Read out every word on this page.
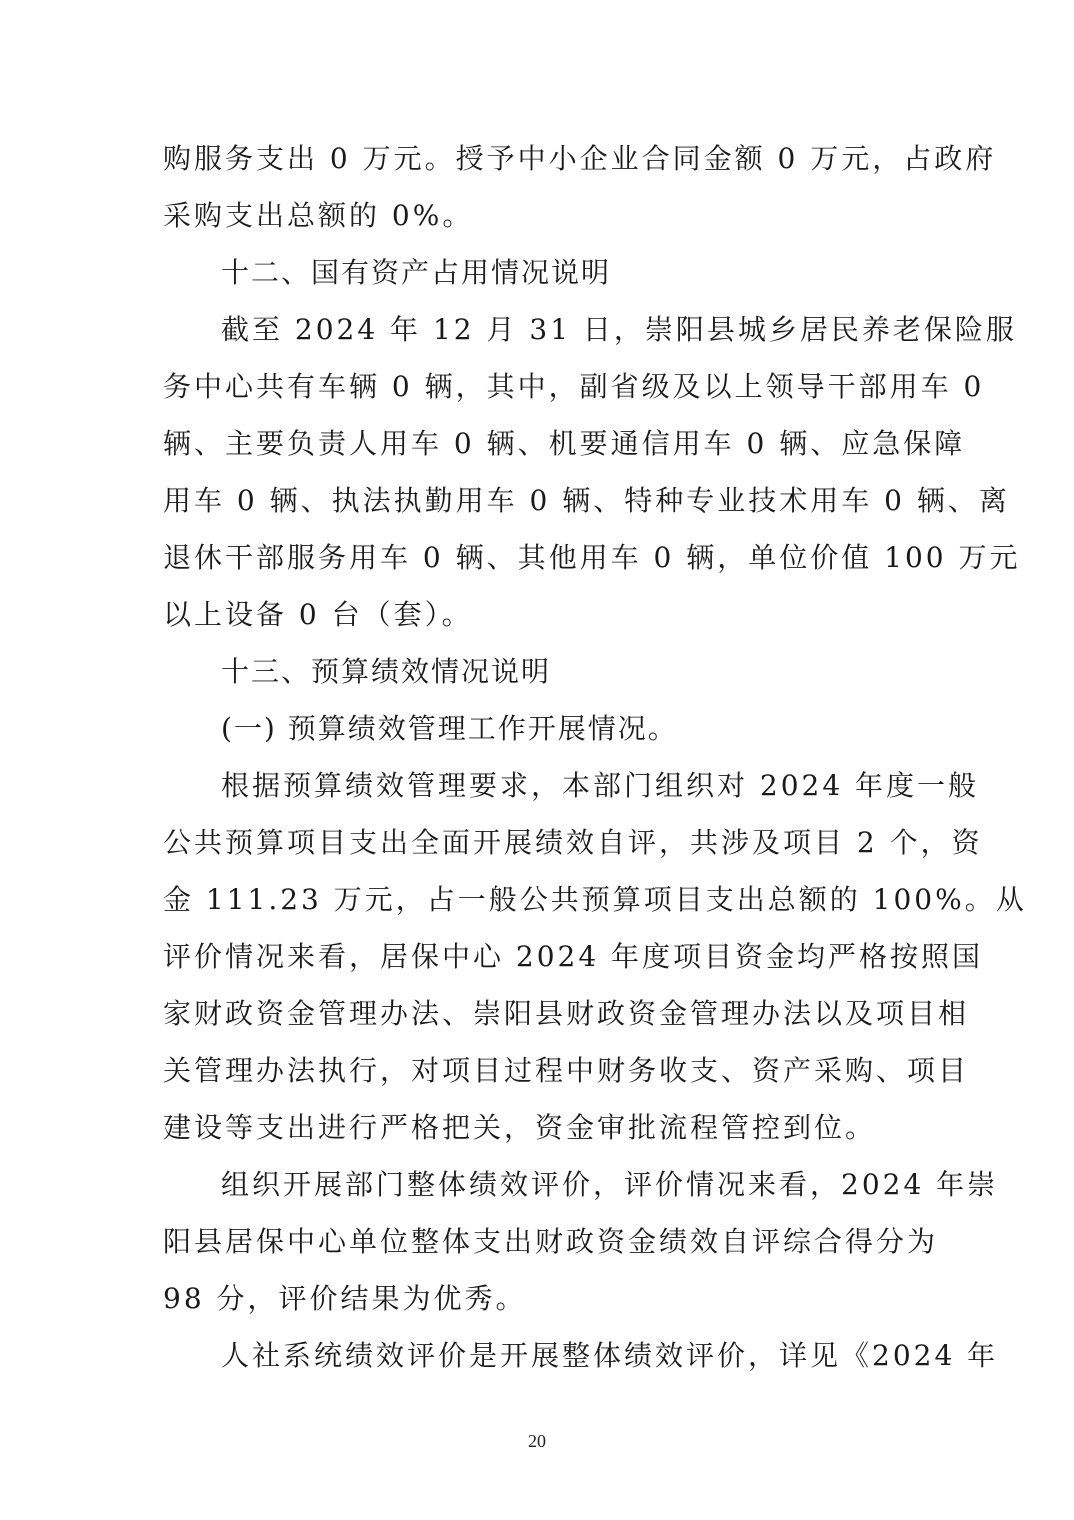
购服务支出 0 万元。授予中小企业合同金额 0 万元，占政府
采购支出总额的 0%。
十二、国有资产占用情况说明
截至 2024 年 12 月 31 日，崇阳县城乡居民养老保险服
务中心共有车辆 0 辆，其中，副省级及以上领导干部用车 0
辆、主要负责人用车 0 辆、机要通信用车 0 辆、应急保障
用车 0 辆、执法执勤用车 0 辆、特种专业技术用车 0 辆、离
退休干部服务用车 0 辆、其他用车 0 辆，单位价值 100 万元
以上设备 0 台（套）。
十三、预算绩效情况说明
(一) 预算绩效管理工作开展情况。
根据预算绩效管理要求，本部门组织对 2024 年度一般
公共预算项目支出全面开展绩效自评，共涉及项目 2 个，资
金 111.23 万元，占一般公共预算项目支出总额的 100%。从
评价情况来看，居保中心 2024 年度项目资金均严格按照国
家财政资金管理办法、崇阳县财政资金管理办法以及项目相
关管理办法执行，对项目过程中财务收支、资产采购、项目
建设等支出进行严格把关，资金审批流程管控到位。
组织开展部门整体绩效评价，评价情况来看，2024 年崇
阳县居保中心单位整体支出财政资金绩效自评综合得分为
98 分，评价结果为优秀。
人社系统绩效评价是开展整体绩效评价，详见《2024 年
20
